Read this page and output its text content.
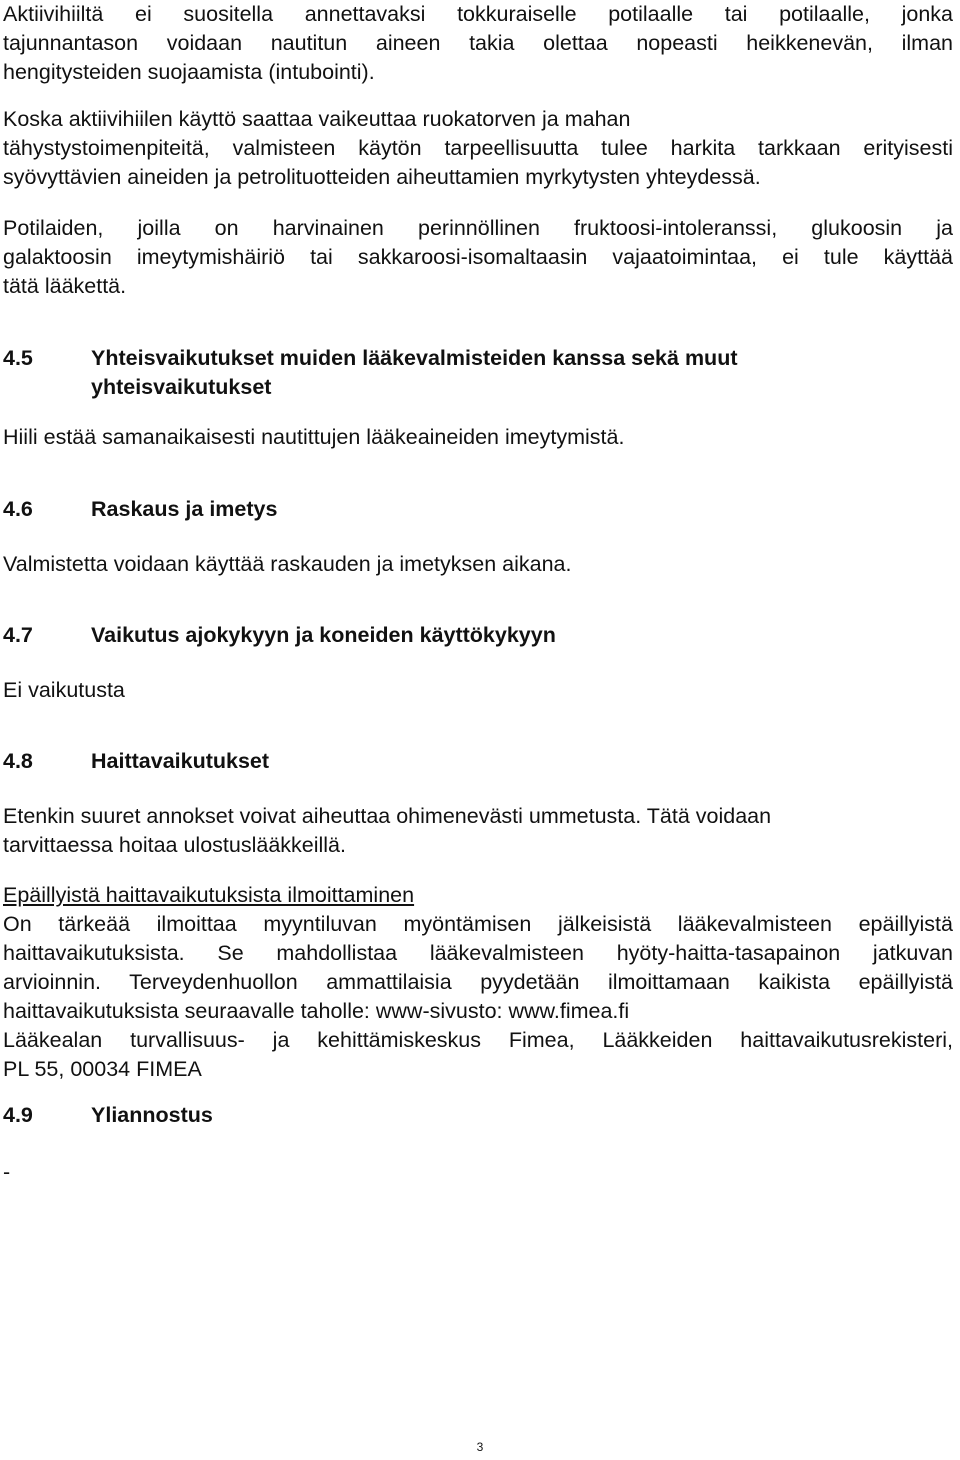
Aktiivihiiltä ei suositella annettavaksi tokkuraiselle potilaalle tai potilaalle, jonka
tajunnantason voidaan nautitun aineen takia olettaa nopeasti heikkenevän, ilman
hengitysteiden suojaamista (intubointi).

Koska aktiivihiilen käyttö saattaa vaikeuttaa ruokatorven ja mahan
tähystystoimenpiteitä, valmisteen käytön tarpeellisuutta tulee harkita tarkkaan erityisesti
syövyttävien aineiden ja petrolituotteiden aiheuttamien myrkytysten yhteydessä.

Potilaiden, joilla on harvinainen perinnöllinen fruktoosi-intoleranssi, glukoosin ja
galaktoosin imeytymishäiriö tai sakkaroosi-isomaltaasin vajaatoimintaa, ei tule käyttää
tätä lääkettä.

4.5	Yhteisvaikutukset muiden lääkevalmisteiden kanssa sekä muut
yhteisvaikutukset

Hiili estää samanaikaisesti nautittujen lääkeaineiden imeytymistä.

4.6	Raskaus ja imetys

Valmistetta voidaan käyttää raskauden ja imetyksen aikana.

4.7	Vaikutus ajokykyyn ja koneiden käyttökykyyn

Ei vaikutusta

4.8	Haittavaikutukset

Etenkin suuret annokset voivat aiheuttaa ohimenevästi ummetusta. Tätä voidaan
tarvittaessa hoitaa ulostuslääkkeillä.

Epäillyistä haittavaikutuksista ilmoittaminen
On tärkeää ilmoittaa myyntiluvan myöntämisen jälkeisistä lääkevalmisteen epäillyistä
haittavaikutuksista. Se mahdollistaa lääkevalmisteen hyöty-haitta-tasapainon jatkuvan
arvioinnin. Terveydenhuollon ammattilaisia pyydetään ilmoittamaan kaikista epäillyistä
haittavaikutuksista seuraavalle taholle: www-sivusto: www.fimea.fi
Lääkealan turvallisuus- ja kehittämiskeskus Fimea, Lääkkeiden haittavaikutusrekisteri,
PL 55, 00034 FIMEA

4.9	Yliannostus

-

3
